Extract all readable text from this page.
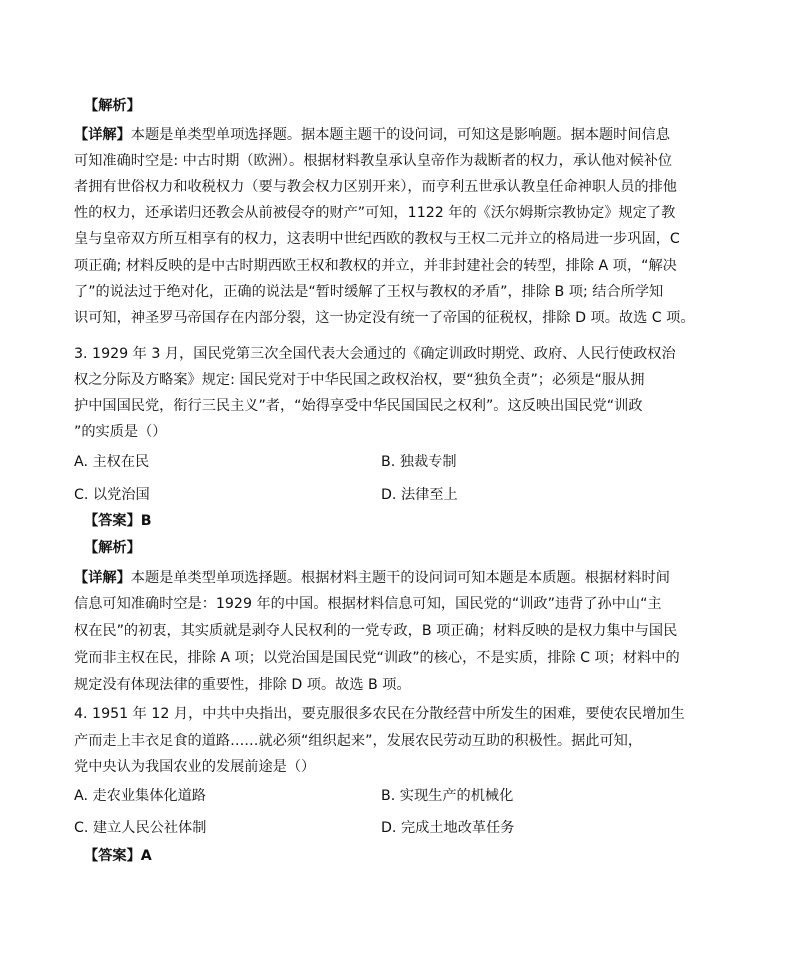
【解析】
【详解】本题是单类型单项选择题。据本题主题干的设问词，可知这是影响题。据本题时间信息
可知准确时空是: 中古时期（欧洲）。根据材料教皇承认皇帝作为裁断者的权力，承认他对候补位
者拥有世俗权力和收税权力（要与教会权力区别开来），而亨利五世承认教皇任命神职人员的排他
性的权力，还承诺归还教会从前被侵夺的财产”可知，1122 年的《沃尔姆斯宗教协定》规定了教
皇与皇帝双方所互相享有的权力，这表明中世纪西欧的教权与王权二元并立的格局进一步巩固，C
项正确; 材料反映的是中古时期西欧王权和教权的并立，并非封建社会的转型，排除 A 项，“解决
了”的说法过于绝对化，正确的说法是“暂时缓解了王权与教权的矛盾”，排除 B 项; 结合所学知
识可知，神圣罗马帝国存在内部分裂，这一协定没有统一了帝国的征税权，排除 D 项。故选 C 项。
3. 1929 年 3 月，国民党第三次全国代表大会通过的《确定训政时期党、政府、人民行使政权治
权之分际及方略案》规定: 国民党对于中华民国之政权治权，要“独负全责”；必须是“服从拥
护中国国民党，衔行三民主义”者，“始得享受中华民国国民之权利”。这反映出国民党“训政
”的实质是（）
A. 主权在民	B. 独裁专制
C. 以党治国	D. 法律至上
【答案】B
【解析】
【详解】本题是单类型单项选择题。根据材料主题干的设问词可知本题是本质题。根据材料时间
信息可知准确时空是：1929 年的中国。根据材料信息可知，国民党的“训政”违背了孙中山“主
权在民”的初衷，其实质就是剥夺人民权利的一党专政，B 项正确；材料反映的是权力集中与国民
党而非主权在民，排除 A 项；以党治国是国民党“训政”的核心，不是实质，排除 C 项；材料中的
规定没有体现法律的重要性，排除 D 项。故选 B 项。
4. 1951 年 12 月，中共中央指出，要克服很多农民在分散经营中所发生的困难，要使农民增加生
产而走上丰衣足食的道路……就必须“组织起来”，发展农民劳动互助的积极性。据此可知，
党中央认为我国农业的发展前途是（）
A. 走农业集体化道路	B. 实现生产的机械化
C. 建立人民公社体制	D. 完成土地改革任务
【答案】A
